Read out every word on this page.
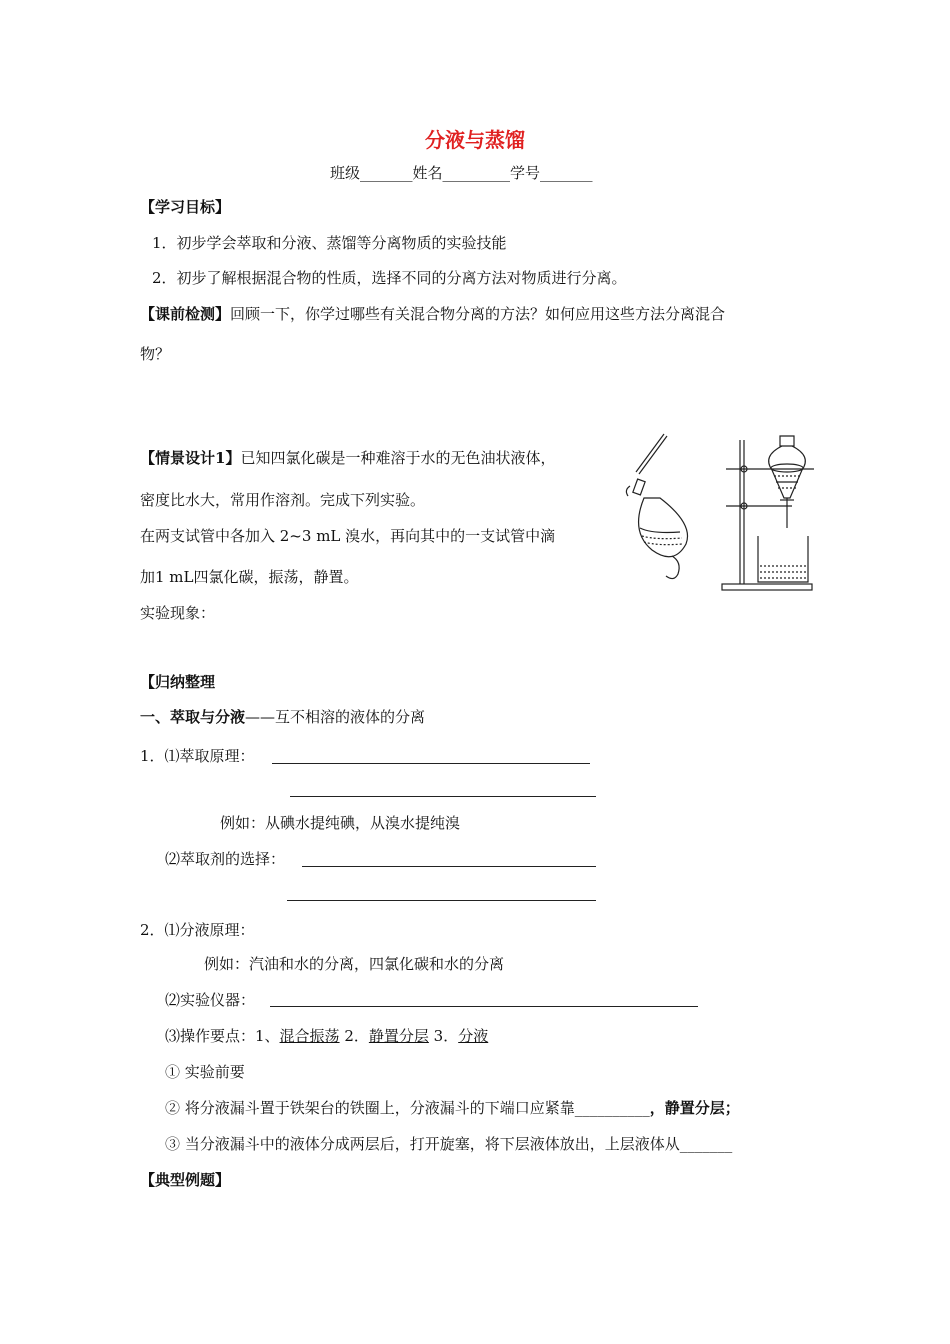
分液与蒸馏
班级_______姓名_________学号_______
【学习目标】
1．初步学会萃取和分液、蒸馏等分离物质的实验技能
2．初步了解根据混合物的性质，选择不同的分离方法对物质进行分离。
【课前检测】回顾一下，你学过哪些有关混合物分离的方法？如何应用这些方法分离混合
物？
【情景设计1】已知四氯化碳是一种难溶于水的无色油状液体，
密度比水大，常用作溶剂。完成下列实验。
在两支试管中各加入 2~3 mL 溴水，再向其中的一支试管中滴
加1 mL四氯化碳，振荡，静置。
实验现象：
【归纳整理
一、萃取与分液——互不相溶的液体的分离
1．⑴萃取原理：
例如：从碘水提纯碘，从溴水提纯溴
⑵萃取剂的选择：
2．⑴分液原理：
例如：汽油和水的分离，四氯化碳和水的分离
⑵实验仪器：
⑶操作要点：1、混合振荡 2．静置分层 3．分液
① 实验前要
② 将分液漏斗置于铁架台的铁圈上，分液漏斗的下端口应紧靠__________，静置分层；
③ 当分液漏斗中的液体分成两层后，打开旋塞，将下层液体放出，上层液体从_______
【典型例题】
